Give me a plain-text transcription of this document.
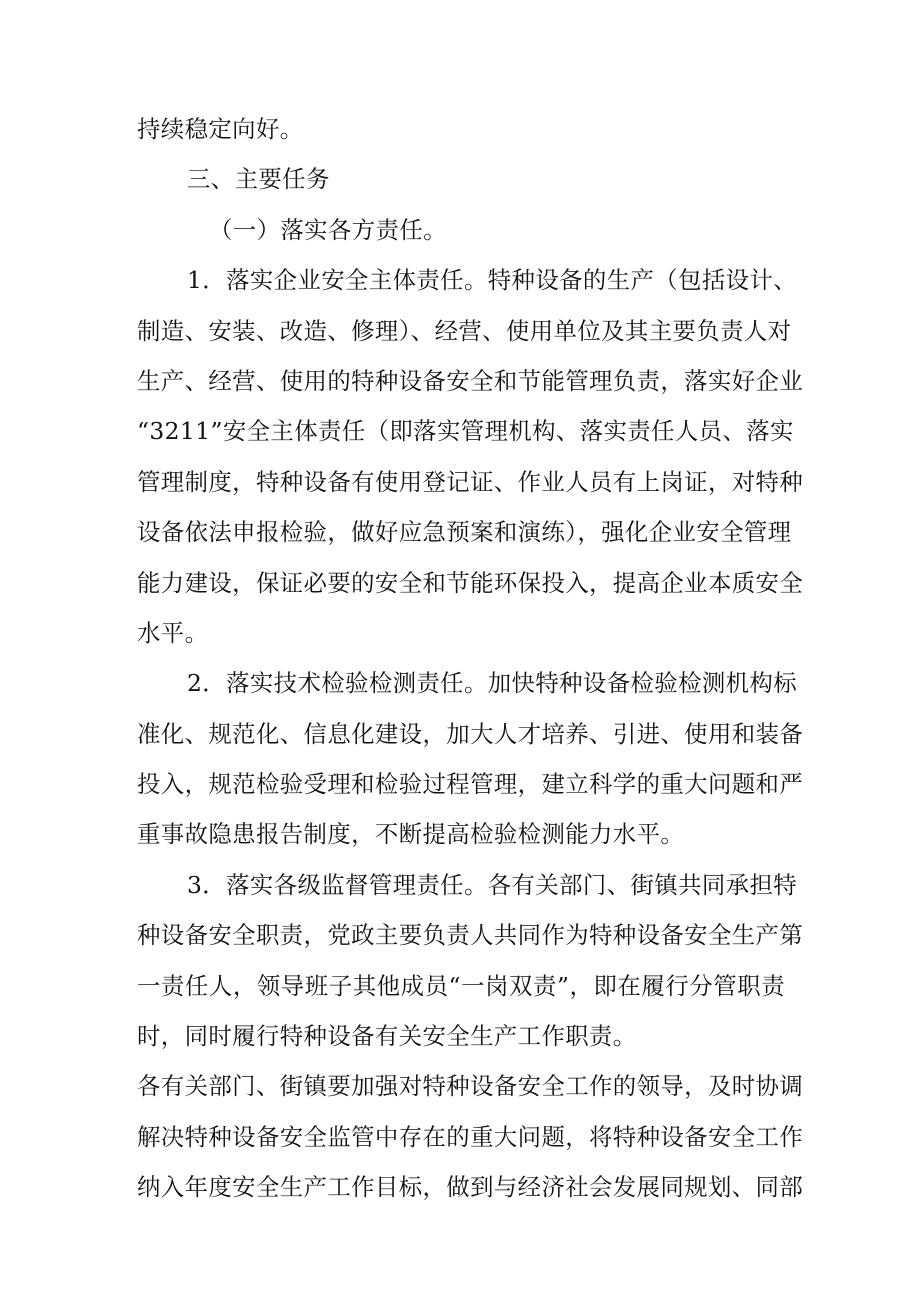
持续稳定向好。
三、主要任务
（一）落实各方责任。
1．落实企业安全主体责任。特种设备的生产（包括设计、
制造、安装、改造、修理）、经营、使用单位及其主要负责人对
生产、经营、使用的特种设备安全和节能管理负责，落实好企业
“3211”安全主体责任（即落实管理机构、落实责任人员、落实
管理制度，特种设备有使用登记证、作业人员有上岗证，对特种
设备依法申报检验，做好应急预案和演练），强化企业安全管理
能力建设，保证必要的安全和节能环保投入，提高企业本质安全
水平。
2．落实技术检验检测责任。加快特种设备检验检测机构标
准化、规范化、信息化建设，加大人才培养、引进、使用和装备
投入，规范检验受理和检验过程管理，建立科学的重大问题和严
重事故隐患报告制度，不断提高检验检测能力水平。
3．落实各级监督管理责任。各有关部门、街镇共同承担特
种设备安全职责，党政主要负责人共同作为特种设备安全生产第
一责任人，领导班子其他成员“一岗双责”，即在履行分管职责
时，同时履行特种设备有关安全生产工作职责。
各有关部门、街镇要加强对特种设备安全工作的领导，及时协调
解决特种设备安全监管中存在的重大问题，将特种设备安全工作
纳入年度安全生产工作目标，做到与经济社会发展同规划、同部
